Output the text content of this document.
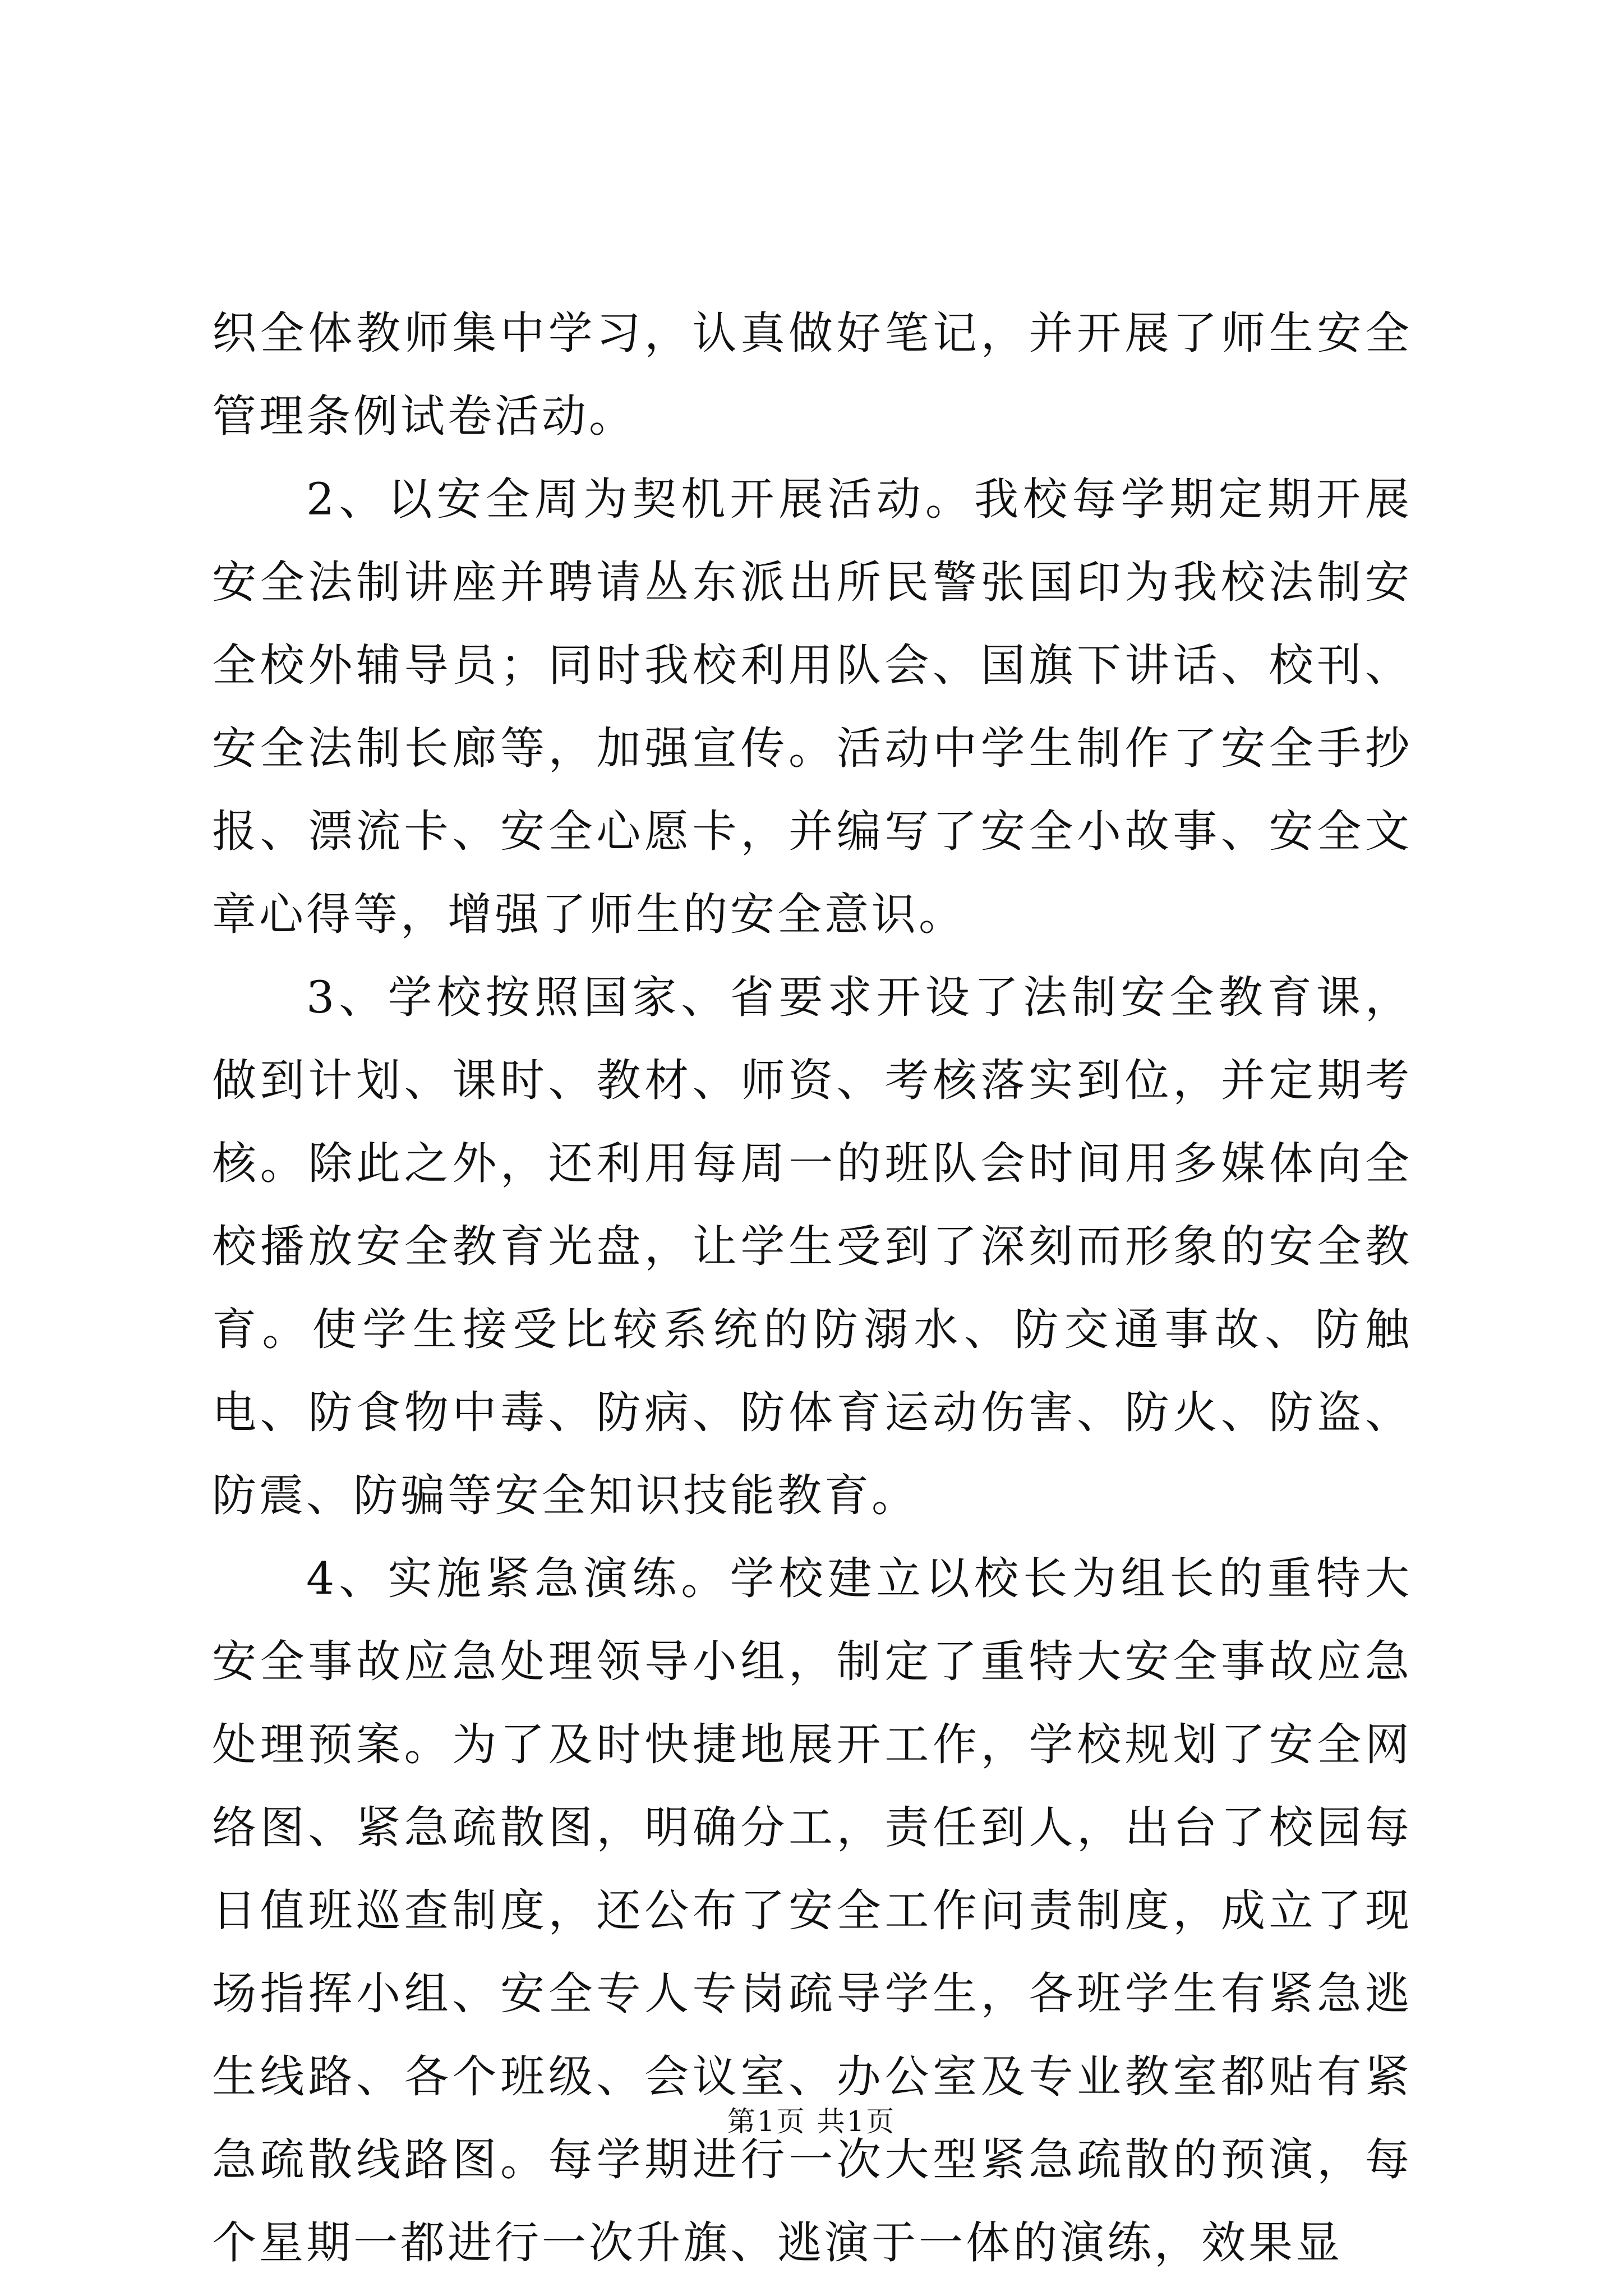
织全体教师集中学习，认真做好笔记，并开展了师生安全管理条例试卷活动。

2、以安全周为契机开展活动。我校每学期定期开展安全法制讲座并聘请丛东派出所民警张国印为我校法制安全校外辅导员；同时我校利用队会、国旗下讲话、校刊、安全法制长廊等，加强宣传。活动中学生制作了安全手抄报、漂流卡、安全心愿卡，并编写了安全小故事、安全文章心得等，增强了师生的安全意识。

3、学校按照国家、省要求开设了法制安全教育课，做到计划、课时、教材、师资、考核落实到位，并定期考核。除此之外，还利用每周一的班队会时间用多媒体向全校播放安全教育光盘，让学生受到了深刻而形象的安全教育。使学生接受比较系统的防溺水、防交通事故、防触电、防食物中毒、防病、防体育运动伤害、防火、防盗、防震、防骗等安全知识技能教育。

4、实施紧急演练。学校建立以校长为组长的重特大安全事故应急处理领导小组，制定了重特大安全事故应急处理预案。为了及时快捷地展开工作，学校规划了安全网络图、紧急疏散图，明确分工，责任到人，出台了校园每日值班巡查制度，还公布了安全工作问责制度，成立了现场指挥小组、安全专人专岗疏导学生，各班学生有紧急逃生线路、各个班级、会议室、办公室及专业教室都贴有紧急疏散线路图。每学期进行一次大型紧急疏散的预演，每个星期一都进行一次升旗、逃演于一体的演练，效果显

第1页 共1页
